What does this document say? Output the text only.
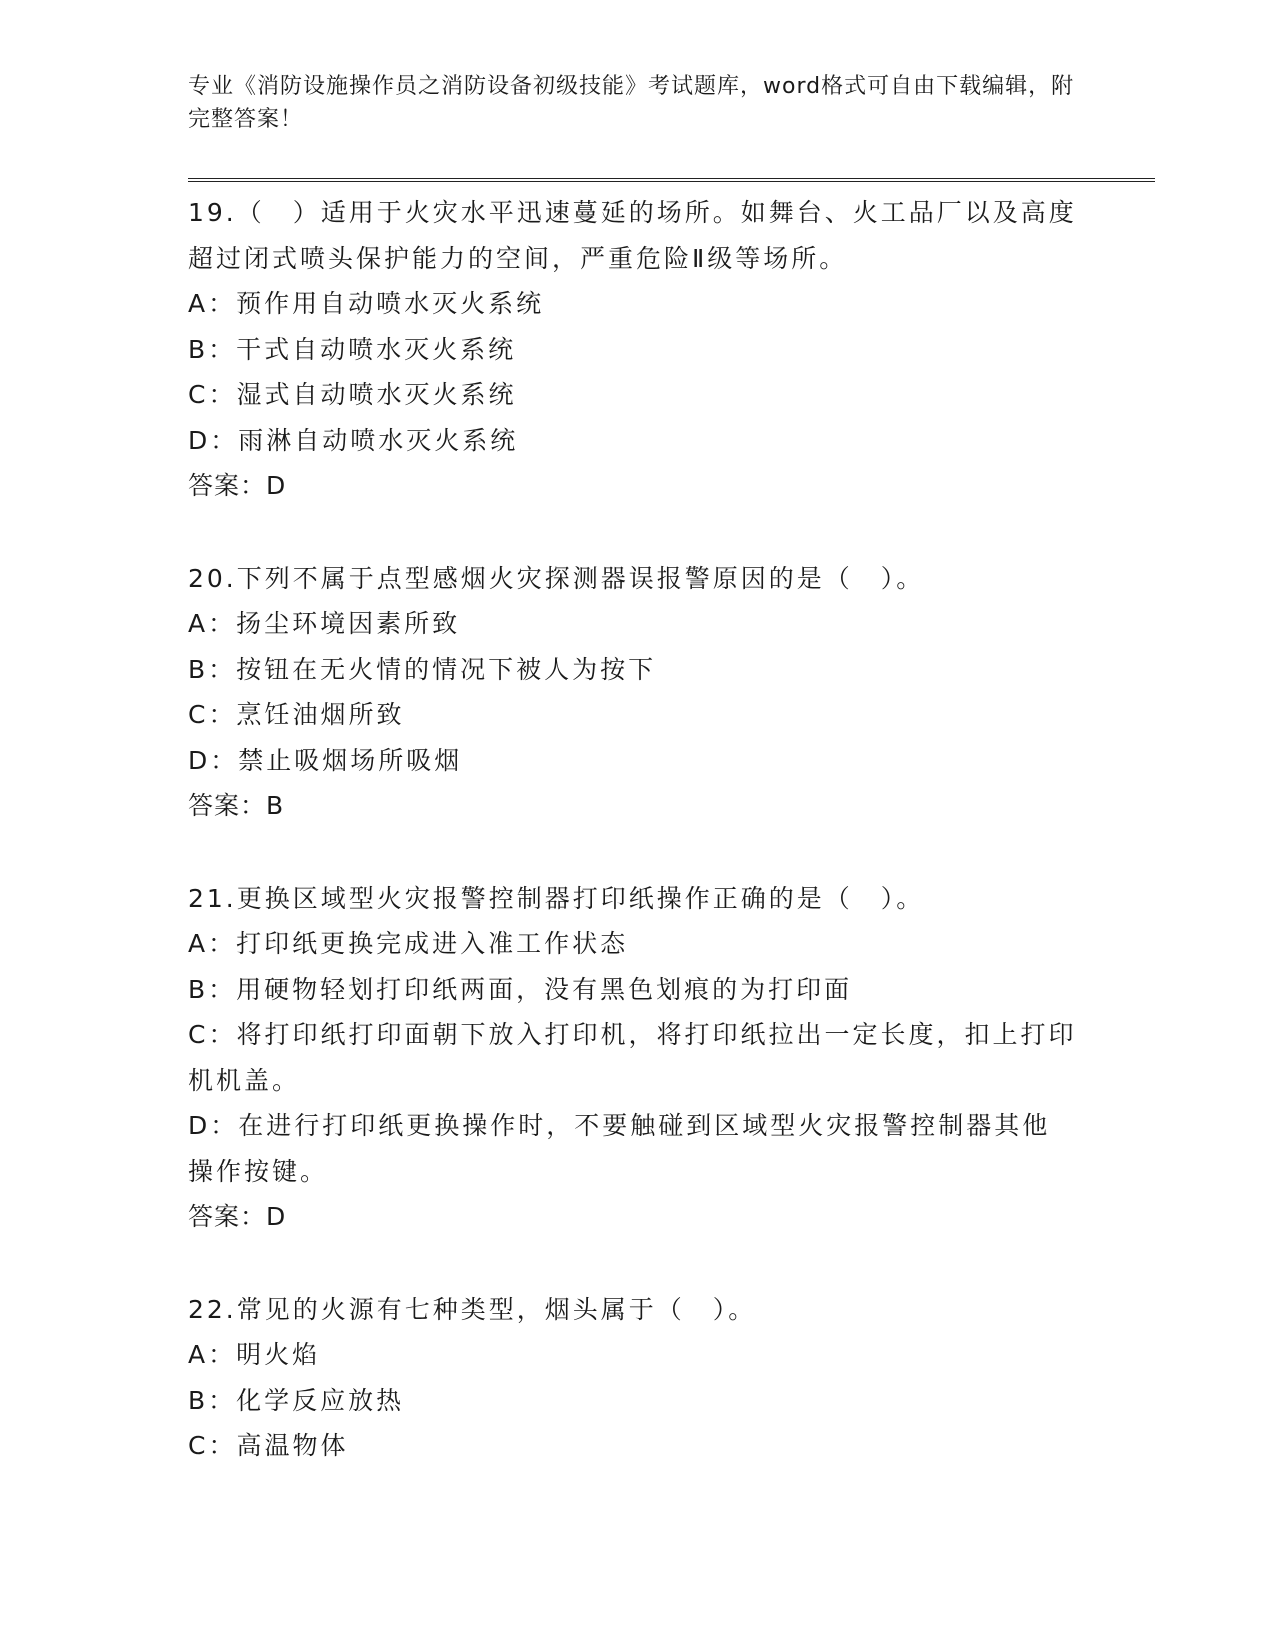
专业《消防设施操作员之消防设备初级技能》考试题库，word格式可自由下载编辑，附完整答案！

19.（　）适用于火灾水平迅速蔓延的场所。如舞台、火工品厂以及高度超过闭式喷头保护能力的空间，严重危险Ⅱ级等场所。

A：预作用自动喷水灭火系统

B：干式自动喷水灭火系统

C：湿式自动喷水灭火系统

D：雨淋自动喷水灭火系统

答案：D

20.下列不属于点型感烟火灾探测器误报警原因的是（　）。

A：扬尘环境因素所致

B：按钮在无火情的情况下被人为按下

C：烹饪油烟所致

D：禁止吸烟场所吸烟

答案：B

21.更换区域型火灾报警控制器打印纸操作正确的是（　）。

A：打印纸更换完成进入准工作状态

B：用硬物轻划打印纸两面，没有黑色划痕的为打印面

C：将打印纸打印面朝下放入打印机，将打印纸拉出一定长度，扣上打印机机盖。

D：在进行打印纸更换操作时，不要触碰到区域型火灾报警控制器其他操作按键。

答案：D

22.常见的火源有七种类型，烟头属于（　）。

A：明火焰

B：化学反应放热

C：高温物体
